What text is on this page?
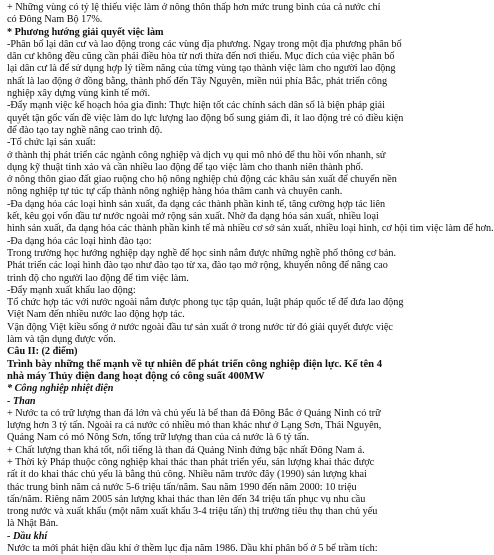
+ Những vùng có tỷ lệ thiếu việc làm ở nông thôn thấp hơn mức trung bình của cả nước chỉ
có Đông Nam Bộ 17%.
* Phương hướng giải quyết việc làm
-Phân bố lại dân cư và lao động trong các vùng địa phương. Ngay trong một địa phương phân bố
dân cư không đều cũng cần phải điều hòa từ nơi thừa đến nơi thiếu. Mục đích của việc phân bố
lại dân cư là để sử dụng hợp lý tiềm năng của từng vùng tạo thành việc làm cho người lao động
nhất là lao động ở đồng bằng, thành phố đến Tây Nguyên, miền núi phía Bắc, phát triển công
nghiệp xây dựng vùng kinh tế mới.
-Đẩy mạnh việc kế hoạch hóa gia đình: Thực hiện tốt các chính sách dân số là biện pháp giải
quyết tận gốc vấn đề việc làm do lực lượng lao động bổ sung giảm đi, ít lao động trẻ có điều kiện
để đào tạo tay nghề nâng cao trình độ.
-Tổ chức lại sản xuất:
ở thành thị phát triển các ngành công nghiệp và dịch vụ qui mô nhỏ để thu hồi vốn nhanh, sử
dụng kỹ thuật tinh xảo và cần nhiều lao động để tạo việc làm cho thanh niên thành phố.
ở nông thôn giao đất giao ruộng cho hộ nông nghiệp chủ động các khâu sản xuất để chuyển nền
nông nghiệp tự túc tự cấp thành nông nghiệp hàng hóa thâm canh và chuyên canh.
-Đa dạng hóa các loại hình sản xuất, đa dạng các thành phần kinh tế, tăng cường hợp tác liên
kết, kêu gọi vốn đầu tư nước ngoài mở rộng sản xuất. Nhờ đa dạng hóa sản xuất, nhiều loại
hình sản xuất, đa dạng hóa các thành phần kinh tế mà nhiều cơ sở sản xuất, nhiều loại hình, cơ hội tìm việc làm để hơn.
-Đa dạng hóa các loại hình đào tạo:
Trong trường học hướng nghiệp dạy nghề để học sinh nắm được những nghề phổ thông cơ bản.
Phát triển các loại hình đào tạo như đào tạo từ xa, đào tạo mở rộng, khuyến nông để nâng cao
trình độ cho người lao động để tìm việc làm.
-Đẩy mạnh xuất khẩu lao động:
Tổ chức hợp tác với nước ngoài nắm được phong tục tập quán, luật pháp quốc tế để đưa lao động
Việt Nam đến nhiều nước lao động hợp tác.
Vận động Việt kiều sống ở nước ngoài đầu tư sản xuất ở trong nước từ đó giải quyết được việc
làm và tận dụng được vốn.
Câu II: (2 điểm)
Trình bày những thế mạnh về tự nhiên để phát triển công nghiệp điện lực. Kể tên 4
nhà máy Thủy điện đang hoạt động có công suất 400MW
* Công nghiệp nhiệt điện
- Than
+ Nước ta có trữ lượng than đá lớn và chủ yếu là bể than đá Đông Bắc ở Quảng Ninh có trữ
lượng hơn 3 tỷ tấn. Ngoài ra cả nước có nhiều mỏ than khác như ở Lạng Sơn, Thái Nguyên,
Quảng Nam có mỏ Nông Sơn, tổng trữ lượng than của cả nước là 6 tỷ tấn.
+ Chất lượng than khá tốt, nổi tiếng là than đá Quảng Ninh đứng bậc nhất Đông Nam á.
+ Thời kỳ Pháp thuộc công nghiệp khai thác than phát triển yếu, sản lượng khai thác được
rất ít do khai thác chủ yếu là bằng thủ công. Nhiều năm trước đây (1990) sản lượng khai
thác trung bình năm cả nước 5-6 triệu tấn/năm. Sau năm 1990 đến năm 2000: 10 triệu
tấn/năm. Riêng năm 2005 sản lượng khai thác than lên đến 34 triệu tấn phục vụ nhu cầu
trong nước và xuất khẩu (một năm xuất khẩu 3-4 triệu tấn) thị trường tiêu thụ than chủ yếu
là Nhật Bản.
- Dầu khí
Nước ta mới phát hiện dầu khí ở thềm lục địa năm 1986. Dầu khí phân bố ở 5 bể trầm tích:
